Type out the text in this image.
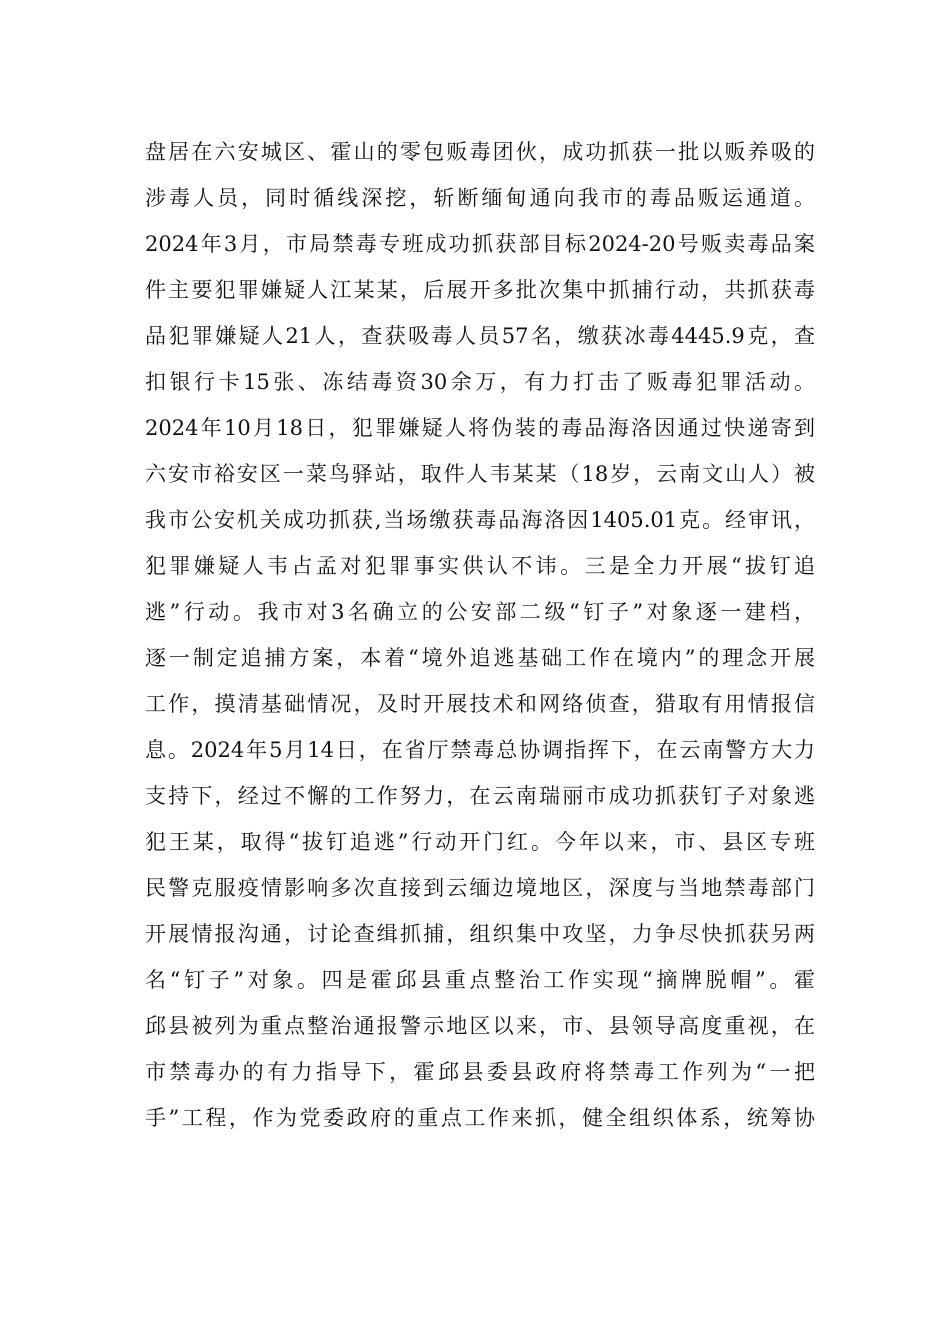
盘居在六安城区、霍山的零包贩毒团伙，成功抓获一批以贩养吸的
涉毒人员，同时循线深挖，斩断缅甸通向我市的毒品贩运通道。
2024年3月，市局禁毒专班成功抓获部目标2024-20号贩卖毒品案
件主要犯罪嫌疑人江某某，后展开多批次集中抓捕行动，共抓获毒
品犯罪嫌疑人21人，查获吸毒人员57名，缴获冰毒4445.9克，查
扣银行卡15张、冻结毒资30余万，有力打击了贩毒犯罪活动。
2024年10月18日，犯罪嫌疑人将伪装的毒品海洛因通过快递寄到
六安市裕安区一菜鸟驿站，取件人韦某某（18岁，云南文山人）被
我市公安机关成功抓获,当场缴获毒品海洛因1405.01克。经审讯，
犯罪嫌疑人韦占孟对犯罪事实供认不讳。三是全力开展“拔钉追
逃”行动。我市对3名确立的公安部二级“钉子”对象逐一建档，
逐一制定追捕方案，本着“境外追逃基础工作在境内”的理念开展
工作，摸清基础情况，及时开展技术和网络侦查，猎取有用情报信
息。2024年5月14日，在省厅禁毒总协调指挥下，在云南警方大力
支持下，经过不懈的工作努力，在云南瑞丽市成功抓获钉子对象逃
犯王某，取得“拔钉追逃”行动开门红。今年以来，市、县区专班
民警克服疫情影响多次直接到云缅边境地区，深度与当地禁毒部门
开展情报沟通，讨论查缉抓捕，组织集中攻坚，力争尽快抓获另两
名“钉子”对象。四是霍邱县重点整治工作实现“摘牌脱帽”。霍
邱县被列为重点整治通报警示地区以来，市、县领导高度重视，在
市禁毒办的有力指导下，霍邱县委县政府将禁毒工作列为“一把
手”工程，作为党委政府的重点工作来抓，健全组织体系，统筹协
